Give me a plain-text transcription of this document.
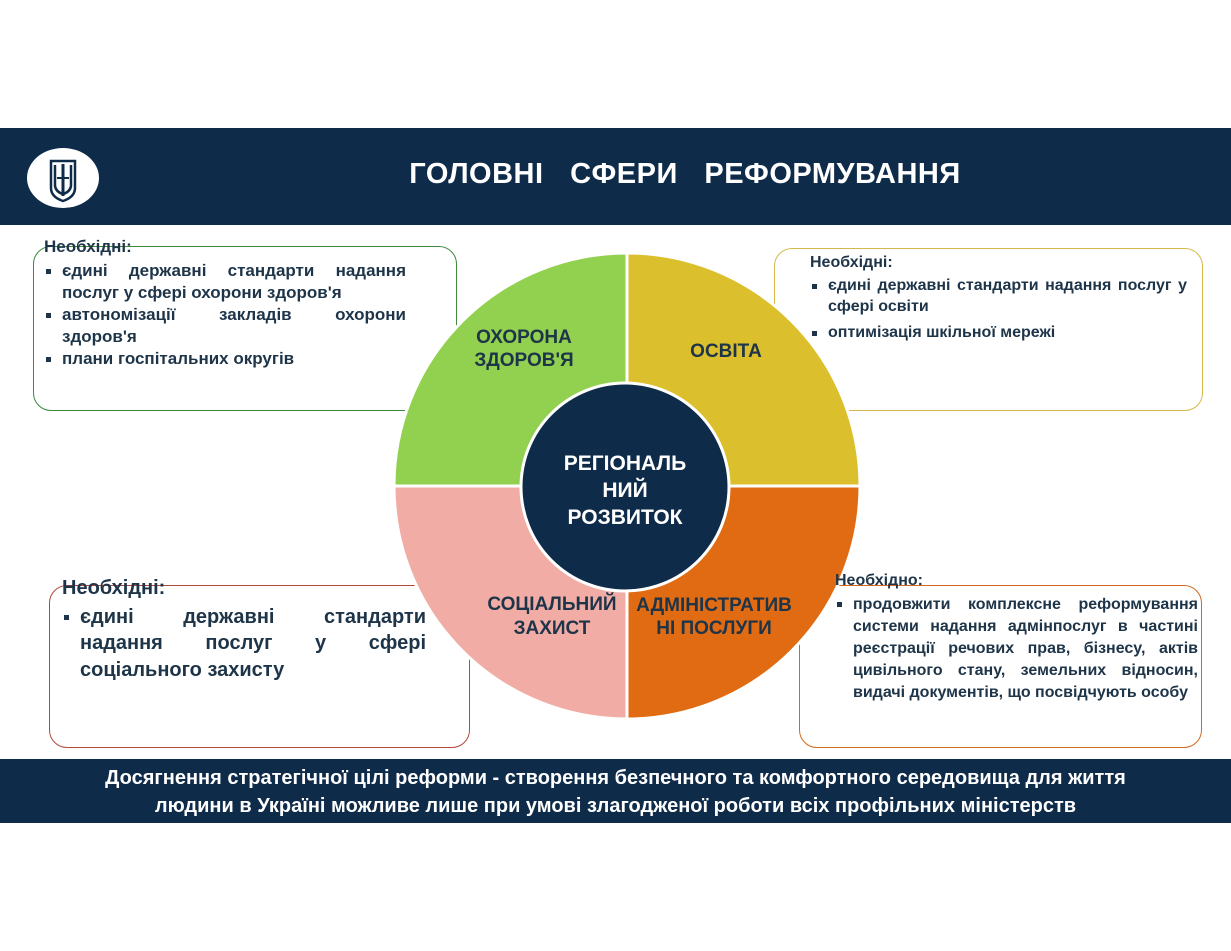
ГОЛОВНІ СФЕРИ РЕФОРМУВАННЯ
ОХОРОНА
ЗДОРОВ'Я	ОСВІТА
СОЦІАЛЬНИЙ
ЗАХИСТ
АДМІНІСТРАТИВ
НІ ПОСЛУГИ
РЕГІОНАЛЬ
НИЙ
РОЗВИТОК
Необхідні:
єдині державні стандарти надання послуг у сфері охорони здоров'я
автономізації закладів охорони здоров'я
плани госпітальних округів
Необхідні:
єдині державні стандарти надання послуг у сфері освіти
оптимізація шкільної мережі
Необхідні:
єдині державні стандарти надання послуг у сфері соціального захисту
Необхідно:
продовжити комплексне реформування системи надання адмінпослуг в частині реєстрації речових прав, бізнесу, актів цивільного стану, земельних відносин, видачі документів, що посвідчують особу
Досягнення стратегічної цілі реформи - створення безпечного та комфортного середовища для життя
людини в Україні можливе лише при умові злагодженої роботи всіх профільних міністерств
